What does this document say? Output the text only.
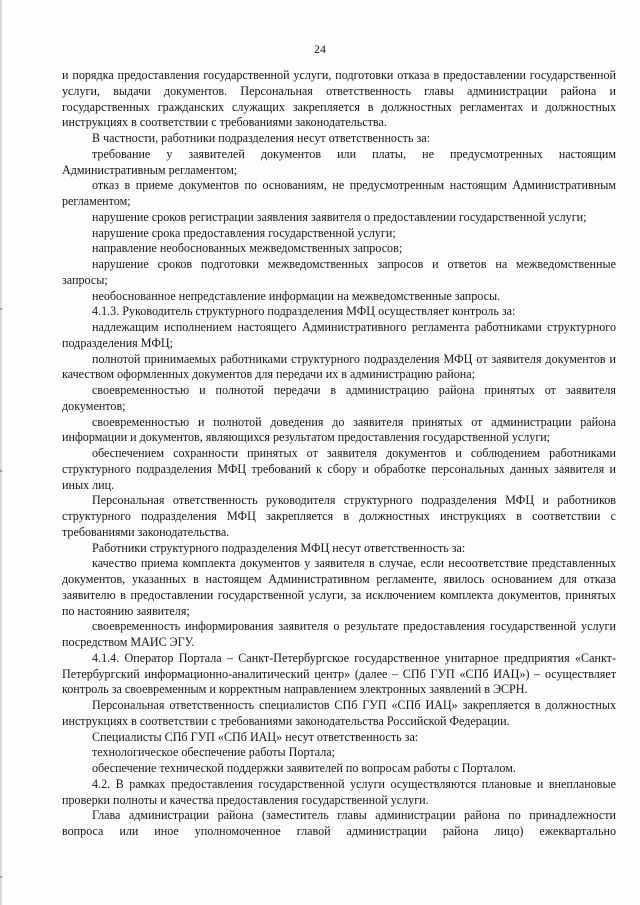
24

и порядка предоставления государственной услуги, подготовки отказа в предоставлении государственной услуги, выдачи документов. Персональная ответственность главы администрации района и государственных гражданских служащих закрепляется в должностных регламентах и должностных инструкциях в соответствии с требованиями законодательства.

В частности, работники подразделения несут ответственность за:

требование у заявителей документов или платы, не предусмотренных настоящим Административным регламентом;

отказ в приеме документов по основаниям, не предусмотренным настоящим Административным регламентом;

нарушение сроков регистрации заявления заявителя о предоставлении государственной услуги;

нарушение срока предоставления государственной услуги;

направление необоснованных межведомственных запросов;

нарушение сроков подготовки межведомственных запросов и ответов на межведомственные запросы;

необоснованное непредставление информации на межведомственные запросы.

4.1.3. Руководитель структурного подразделения МФЦ осуществляет контроль за:

надлежащим исполнением настоящего Административного регламента работниками структурного подразделения МФЦ;

полнотой принимаемых работниками структурного подразделения МФЦ от заявителя документов и качеством оформленных документов для передачи их в администрацию района;

своевременностью и полнотой передачи в администрацию района принятых от заявителя документов;

своевременностью и полнотой доведения до заявителя принятых от администрации района информации и документов, являющихся результатом предоставления государственной услуги;

обеспечением сохранности принятых от заявителя документов и соблюдением работниками структурного подразделения МФЦ требований к сбору и обработке персональных данных заявителя и иных лиц.

Персональная ответственность руководителя структурного подразделения МФЦ и работников структурного подразделения МФЦ закрепляется в должностных инструкциях в соответствии с требованиями законодательства.

Работники структурного подразделения МФЦ несут ответственность за:

качество приема комплекта документов у заявителя в случае, если несоответствие представленных документов, указанных в настоящем Административном регламенте, явилось основанием для отказа заявителю в предоставлении государственной услуги, за исключением комплекта документов, принятых по настоянию заявителя;

своевременность информирования заявителя о результате предоставления государственной услуги посредством МАИС ЭГУ.

4.1.4. Оператор Портала – Санкт-Петербургское государственное унитарное предприятия «Санкт-Петербургский информационно-аналитический центр» (далее – СПб ГУП «СПб ИАЦ») – осуществляет контроль за своевременным и корректным направлением электронных заявлений в ЭСРН.

Персональная ответственность специалистов СПб ГУП «СПб ИАЦ» закрепляется в должностных инструкциях в соответствии с требованиями законодательства Российской Федерации.

Специалисты СПб ГУП «СПб ИАЦ» несут ответственность за:

технологическое обеспечение работы Портала;

обеспечение технической поддержки заявителей по вопросам работы с Порталом.

4.2. В рамках предоставления государственной услуги осуществляются плановые и внеплановые проверки полноты и качества предоставления государственной услуги.

Глава администрации района (заместитель главы администрации района по принадлежности вопроса или иное уполномоченное главой администрации района лицо) ежеквартально
